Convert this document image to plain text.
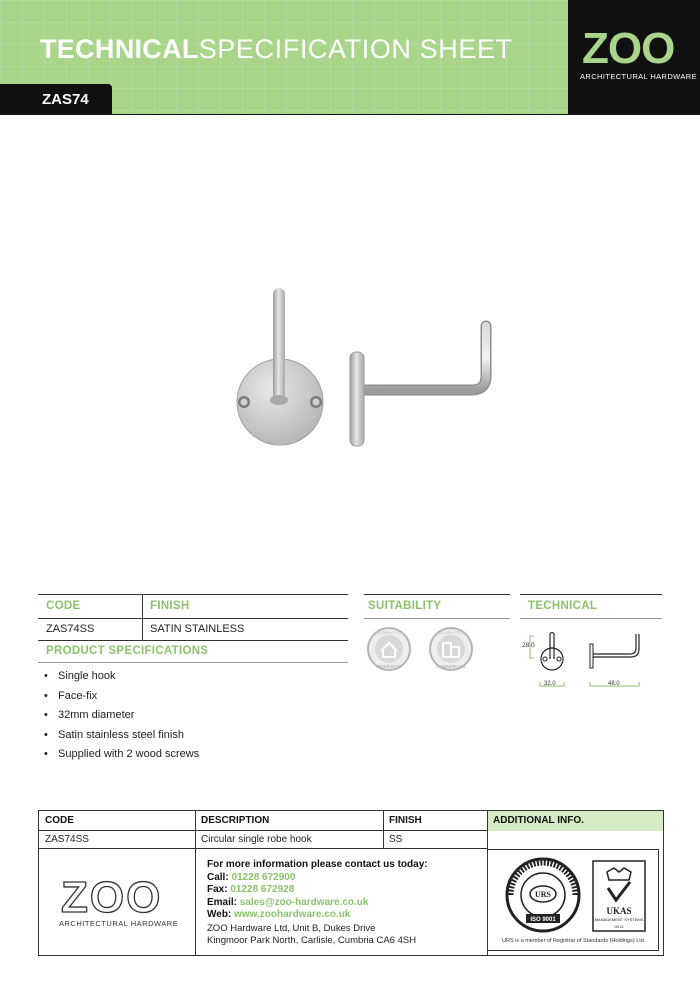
TECHNICALSPECIFICATION SHEET
ZAS74
ZOO
ARCHITECTURAL HARDWARE
CODE	FINISH
ZAS74SS	SATIN STAINLESS
PRODUCT SPECIFICATIONS
• Single hook
• Face-fix
• 32mm diameter
• Satin stainless steel finish
• Supplied with 2 wood screws
SUITABILITY
DOMESTIC
SUITABLE FOR
COMMERCIAL
SUITABLE FOR
TECHNICAL
28.0
32.0	48.0
CODE	DESCRIPTION	FINISH	ADDITIONAL INFO.
ZAS74SS	Circular single robe hook	SS
ZOO
ARCHITECTURAL HARDWARE
For more information please contact us today:
Call: 01228 672900
Fax: 01228 672928
Email: sales@zoo-hardware.co.uk
Web: www.zoohardware.co.uk
ZOO Hardware Ltd, Unit B, Dukes Drive
Kingmoor Park North, Carlisle, Cumbria CA6 4SH
URS
ISO 9001
UKAS
MANAGEMENT SYSTEMS
0013
URS is a member of Registrar of Standards (Holdings) Ltd.
